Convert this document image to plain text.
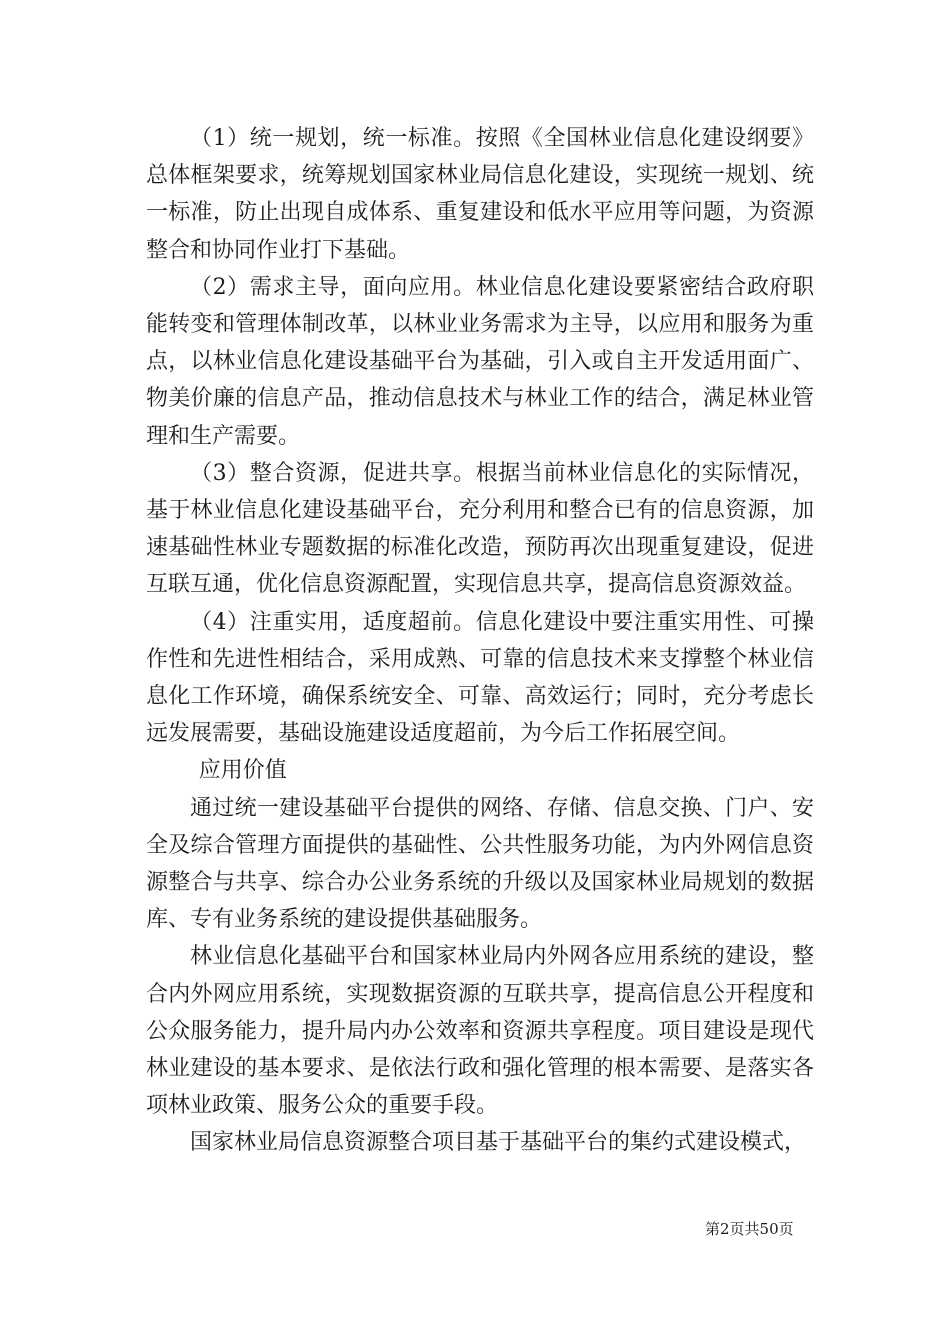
（1）统一规划，统一标准。按照《全国林业信息化建设纲要》总体框架要求，统筹规划国家林业局信息化建设，实现统一规划、统一标准，防止出现自成体系、重复建设和低水平应用等问题，为资源整合和协同作业打下基础。

（2）需求主导，面向应用。林业信息化建设要紧密结合政府职能转变和管理体制改革，以林业业务需求为主导，以应用和服务为重点，以林业信息化建设基础平台为基础，引入或自主开发适用面广、物美价廉的信息产品，推动信息技术与林业工作的结合，满足林业管理和生产需要。

（3）整合资源，促进共享。根据当前林业信息化的实际情况，基于林业信息化建设基础平台，充分利用和整合已有的信息资源，加速基础性林业专题数据的标准化改造，预防再次出现重复建设，促进互联互通，优化信息资源配置，实现信息共享，提高信息资源效益。

（4）注重实用，适度超前。信息化建设中要注重实用性、可操作性和先进性相结合，采用成熟、可靠的信息技术来支撑整个林业信息化工作环境，确保系统安全、可靠、高效运行；同时，充分考虑长远发展需要，基础设施建设适度超前，为今后工作拓展空间。

应用价值

通过统一建设基础平台提供的网络、存储、信息交换、门户、安全及综合管理方面提供的基础性、公共性服务功能，为内外网信息资源整合与共享、综合办公业务系统的升级以及国家林业局规划的数据库、专有业务系统的建设提供基础服务。

林业信息化基础平台和国家林业局内外网各应用系统的建设，整合内外网应用系统，实现数据资源的互联共享，提高信息公开程度和公众服务能力，提升局内办公效率和资源共享程度。项目建设是现代林业建设的基本要求、是依法行政和强化管理的根本需要、是落实各项林业政策、服务公众的重要手段。

国家林业局信息资源整合项目基于基础平台的集约式建设模式，

第2页共50页
